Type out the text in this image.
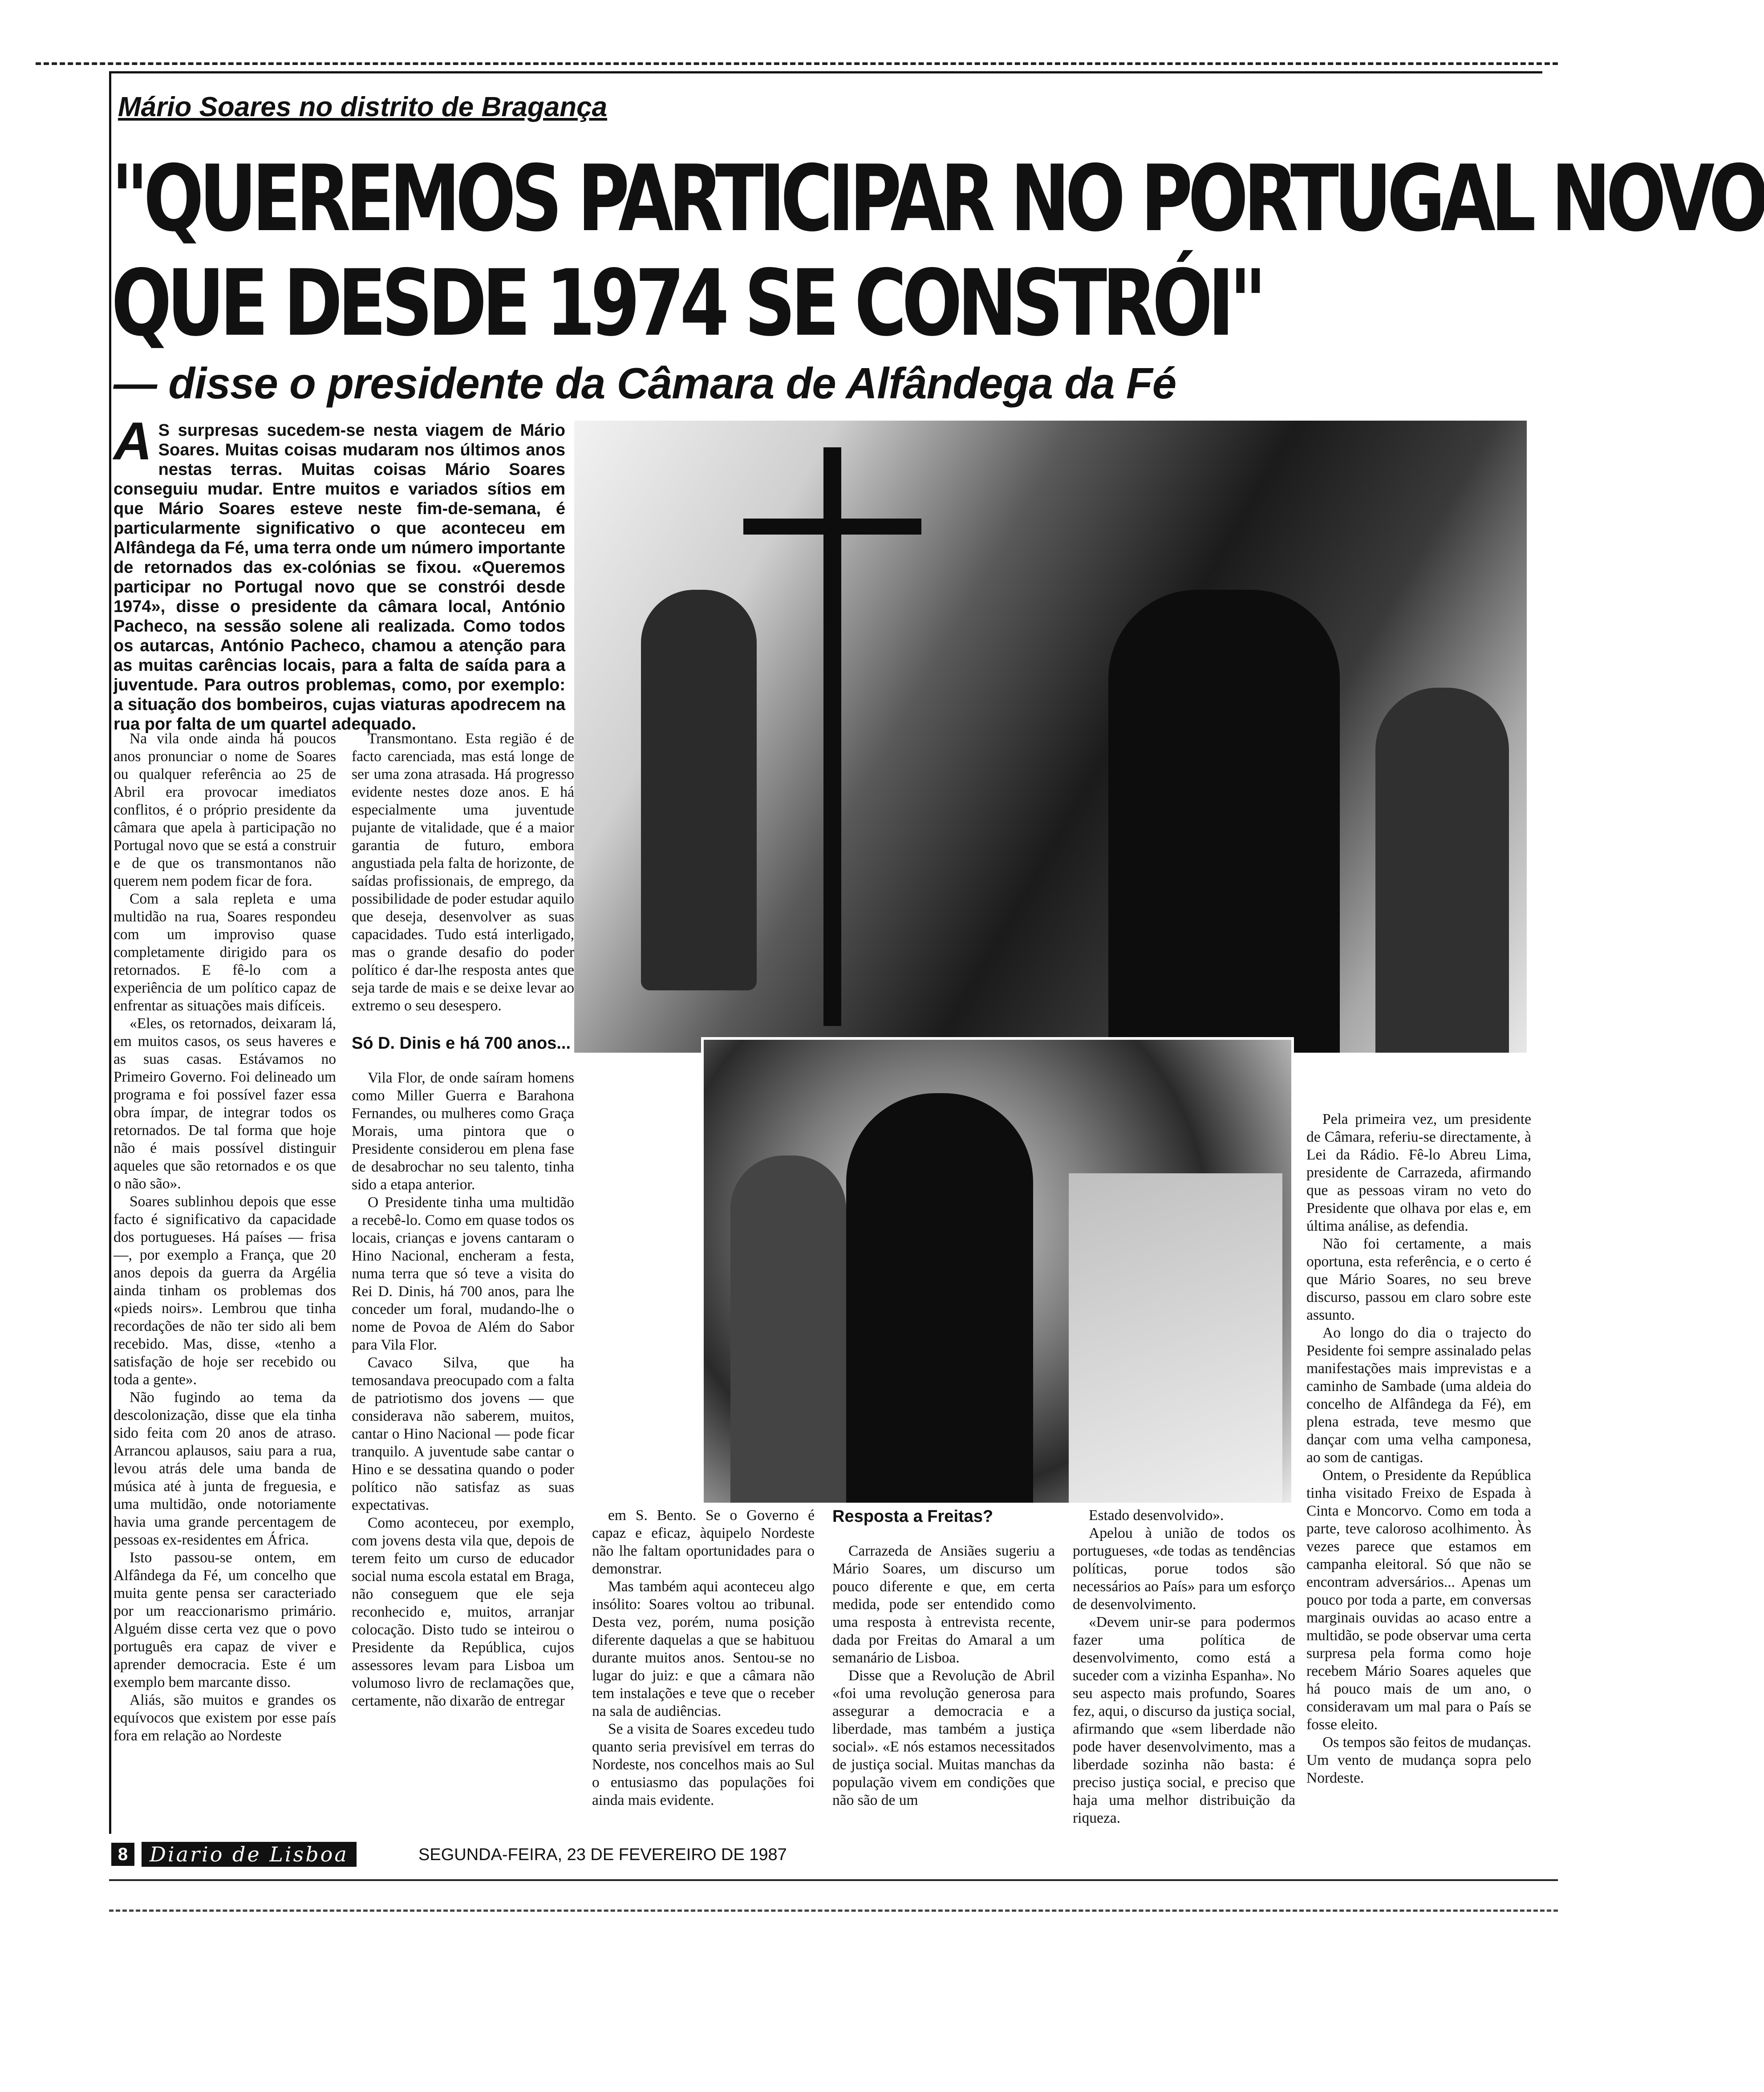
Mário Soares no distrito de Bragança
"QUEREMOS PARTICIPAR NO PORTUGAL NOVO
QUE DESDE 1974 SE CONSTRÓI"
— disse o presidente da Câmara de Alfândega da Fé

A S surpresas sucedem-se nesta viagem de Mário Soares. Muitas coisas mudaram nos últimos anos nestas terras. Muitas coisas Mário Soares conseguiu mudar. Entre muitos e variados sítios em que Mário Soares esteve neste fim-de-semana, é particularmente significativo o que aconteceu em Alfândega da Fé, uma terra onde um número importante de retornados das ex-colónias se fixou. «Queremos participar no Portugal novo que se constrói desde 1974», disse o presidente da câmara local, António Pacheco, na sessão solene ali realizada. Como todos os autarcas, António Pacheco, chamou a atenção para as muitas carências locais, para a falta de saída para a juventude. Para outros problemas, como, por exemplo: a situação dos bombeiros, cujas viaturas apodrecem na rua por falta de um quartel adequado.

Na vila onde ainda há poucos anos pronunciar o nome de Soares ou qualquer referência ao 25 de Abril era provocar imediatos conflitos, é o próprio presidente da câmara que apela à participação no Portugal novo que se está a construir e de que os transmontanos não querem nem podem ficar de fora.

Com a sala repleta e uma multidão na rua, Soares respondeu com um improviso quase completamente dirigido para os retornados. E fê-lo com a experiência de um político capaz de enfrentar as situações mais difíceis.

«Eles, os retornados, deixaram lá, em muitos casos, os seus haveres e as suas casas. Estávamos no Primeiro Governo. Foi delineado um programa e foi possível fazer essa obra ímpar, de integrar todos os retornados. De tal forma que hoje não é mais possível distinguir aqueles que são retornados e os que o não são».

Soares sublinhou depois que esse facto é significativo da capacidade dos portugueses. Há países — frisa —, por exemplo a França, que 20 anos depois da guerra da Argélia ainda tinham os problemas dos «pieds noirs». Lembrou que tinha recordações de não ter sido ali bem recebido. Mas, disse, «tenho a satisfação de hoje ser recebido ou toda a gente».

Não fugindo ao tema da descolonização, disse que ela tinha sido feita com 20 anos de atraso. Arrancou aplausos, saiu para a rua, levou atrás dele uma banda de música até à junta de freguesia, e uma multidão, onde notoriamente havia uma grande percentagem de pessoas ex-residentes em África.

Isto passou-se ontem, em Alfândega da Fé, um concelho que muita gente pensa ser caracteriado por um reaccionarismo primário. Alguém disse certa vez que o povo português era capaz de viver e aprender democracia. Este é um exemplo bem marcante disso.

Aliás, são muitos e grandes os equívocos que existem por esse país fora em relação ao Nordeste

Transmontano. Esta região é de facto carenciada, mas está longe de ser uma zona atrasada. Há progresso evidente nestes doze anos. E há especialmente uma juventude pujante de vitalidade, que é a maior garantia de futuro, embora angustiada pela falta de horizonte, de saídas profissionais, de emprego, da possibilidade de poder estudar aquilo que deseja, desenvolver as suas capacidades. Tudo está interligado, mas o grande desafio do poder político é dar-lhe resposta antes que seja tarde de mais e se deixe levar ao extremo o seu desespero.

Só D. Dinis e há 700 anos...

Vila Flor, de onde saíram homens como Miller Guerra e Barahona Fernandes, ou mulheres como Graça Morais, uma pintora que o Presidente considerou em plena fase de desabrochar no seu talento, tinha sido a etapa anterior.

O Presidente tinha uma multidão a recebê-lo. Como em quase todos os locais, crianças e jovens cantaram o Hino Nacional, encheram a festa, numa terra que só teve a visita do Rei D. Dinis, há 700 anos, para lhe conceder um foral, mudando-lhe o nome de Povoa de Além do Sabor para Vila Flor.

Cavaco Silva, que ha temosandava preocupado com a falta de patriotismo dos jovens — que considerava não saberem, muitos, cantar o Hino Nacional — pode ficar tranquilo. A juventude sabe cantar o Hino e se dessatina quando o poder político não satisfaz as suas expectativas.

Como aconteceu, por exemplo, com jovens desta vila que, depois de terem feito um curso de educador social numa escola estatal em Braga, não conseguem que ele seja reconhecido e, muitos, arranjar colocação. Disto tudo se inteirou o Presidente da República, cujos assessores levam para Lisboa um volumoso livro de reclamações que, certamente, não dixarão de entregar

em S. Bento. Se o Governo é capaz e eficaz, àquipelo Nordeste não lhe faltam oportunidades para o demonstrar.

Mas também aqui aconteceu algo insólito: Soares voltou ao tribunal. Desta vez, porém, numa posição diferente daquelas a que se habituou durante muitos anos. Sentou-se no lugar do juiz: e que a câmara não tem instalações e teve que o receber na sala de audiências.

Se a visita de Soares excedeu tudo quanto seria previsível em terras do Nordeste, nos concelhos mais ao Sul o entusiasmo das populações foi ainda mais evidente.

Resposta a Freitas?

Carrazeda de Ansiães sugeriu a Mário Soares, um discurso um pouco diferente e que, em certa medida, pode ser entendido como uma resposta à entrevista recente, dada por Freitas do Amaral a um semanário de Lisboa.

Disse que a Revolução de Abril «foi uma revolução generosa para assegurar a democracia e a liberdade, mas também a justiça social». «E nós estamos necessitados de justiça social. Muitas manchas da população vivem em condições que não são de um

Estado desenvolvido».

Apelou à união de todos os portugueses, «de todas as tendências políticas, porue todos são necessários ao País» para um esforço de desenvolvimento.

«Devem unir-se para podermos fazer uma política de desenvolvimento, como está a suceder com a vizinha Espanha». No seu aspecto mais profundo, Soares fez, aqui, o discurso da justiça social, afirmando que «sem liberdade não pode haver desenvolvimento, mas a liberdade sozinha não basta: é preciso justiça social, e preciso que haja uma melhor distribuição da riqueza.

Pela primeira vez, um presidente de Câmara, referiu-se directamente, à Lei da Rádio. Fê-lo Abreu Lima, presidente de Carrazeda, afirmando que as pessoas viram no veto do Presidente que olhava por elas e, em última análise, as defendia.

Não foi certamente, a mais oportuna, esta referência, e o certo é que Mário Soares, no seu breve discurso, passou em claro sobre este assunto.

Ao longo do dia o trajecto do Pesidente foi sempre assinalado pelas manifestações mais imprevistas e a caminho de Sambade (uma aldeia do concelho de Alfândega da Fé), em plena estrada, teve mesmo que dançar com uma velha camponesa, ao som de cantigas.

Ontem, o Presidente da República tinha visitado Freixo de Espada à Cinta e Moncorvo. Como em toda a parte, teve caloroso acolhimento. Às vezes parece que estamos em campanha eleitoral. Só que não se encontram adversários... Apenas um pouco por toda a parte, em conversas marginais ouvidas ao acaso entre a multidão, se pode observar uma certa surpresa pela forma como hoje recebem Mário Soares aqueles que há pouco mais de um ano, o consideravam um mal para o País se fosse eleito.

Os tempos são feitos de mudanças. Um vento de mudança sopra pelo Nordeste.

8	Diario de Lisboa	SEGUNDA-FEIRA, 23 DE FEVEREIRO DE 1987
